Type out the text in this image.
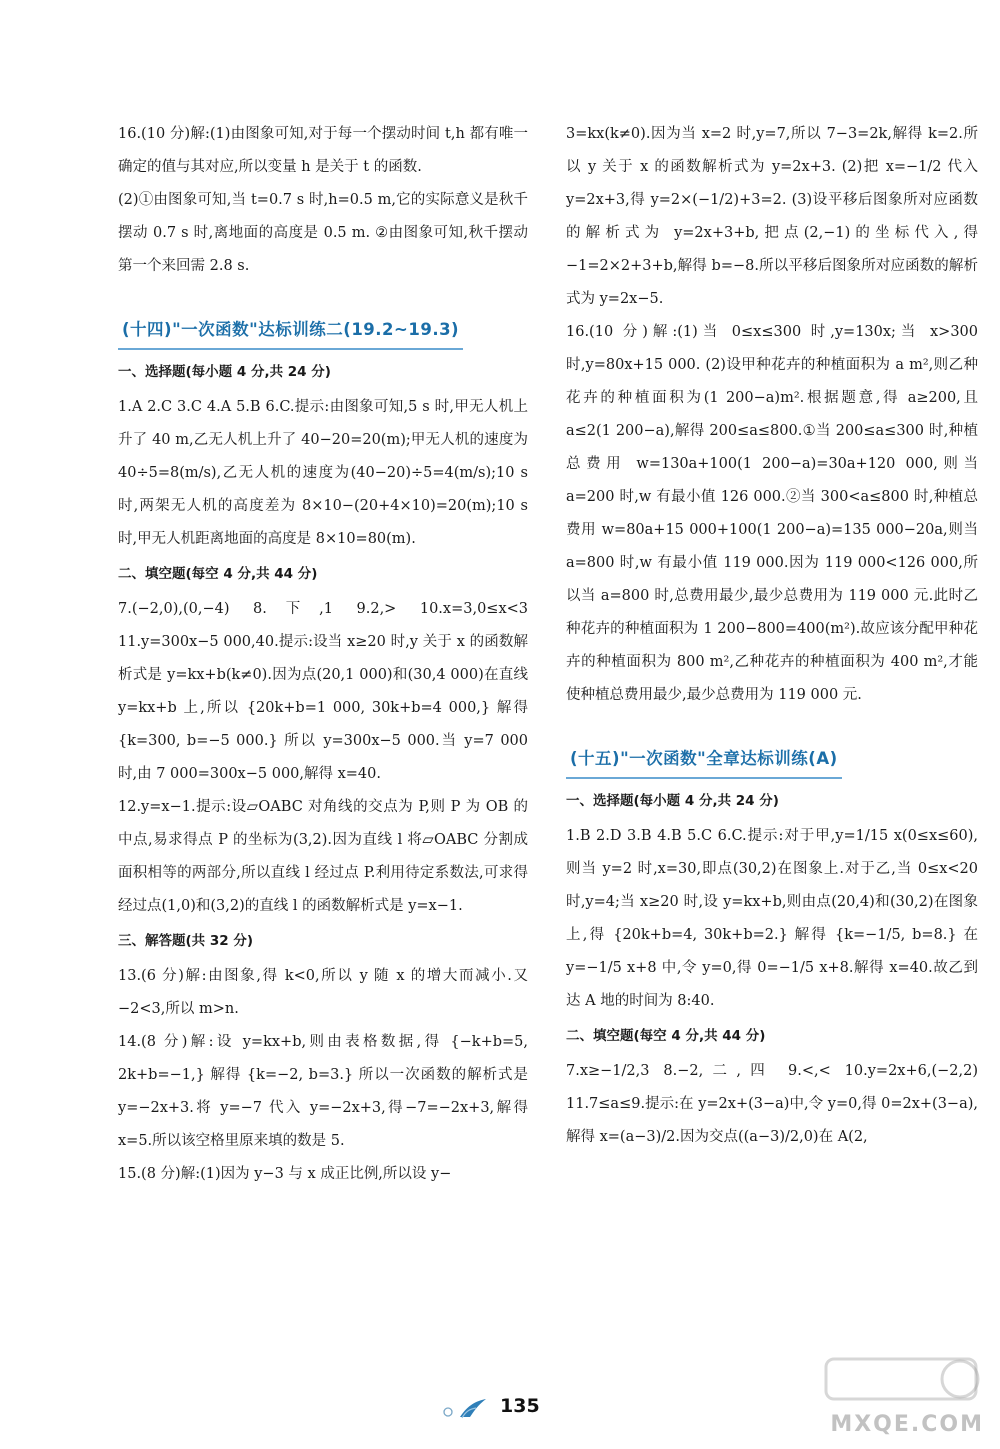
16.(10 分)解:(1)由图象可知,对于每一个摆动时间 t,h 都有唯一确定的值与其对应,所以变量 h 是关于 t 的函数.

(2)①由图象可知,当 t=0.7 s 时,h=0.5 m,它的实际意义是秋千摆动 0.7 s 时,离地面的高度是 0.5 m. ②由图象可知,秋千摆动第一个来回需 2.8 s.

(十四)"一次函数"达标训练二(19.2~19.3)

一、选择题(每小题 4 分,共 24 分)

1.A 2.C 3.C 4.A 5.B 6.C.提示:由图象可知,5 s 时,甲无人机上升了 40 m,乙无人机上升了 40−20=20(m);甲无人机的速度为 40÷5=8(m/s),乙无人机的速度为(40−20)÷5=4(m/s);10 s 时,两架无人机的高度差为 8×10−(20+4×10)=20(m);10 s 时,甲无人机距离地面的高度是 8×10=80(m).

二、填空题(每空 4 分,共 44 分)

7.(−2,0),(0,−4) 8.下,1 9.2,> 10.x=3,0≤x<3 11.y=300x−5 000,40.提示:设当 x≥20 时,y 关于 x 的函数解析式是 y=kx+b(k≠0).因为点(20,1 000)和(30,4 000)在直线 y=kx+b 上,所以 {20k+b=1 000, 30k+b=4 000,} 解得 {k=300, b=−5 000.} 所以 y=300x−5 000.当 y=7 000 时,由 7 000=300x−5 000,解得 x=40.

12.y=x−1.提示:设▱OABC 对角线的交点为 P,则 P 为 OB 的中点,易求得点 P 的坐标为(3,2).因为直线 l 将▱OABC 分割成面积相等的两部分,所以直线 l 经过点 P.利用待定系数法,可求得经过点(1,0)和(3,2)的直线 l 的函数解析式是 y=x−1.

三、解答题(共 32 分)

13.(6 分)解:由图象,得 k<0,所以 y 随 x 的增大而减小.又−2<3,所以 m>n.

14.(8 分)解:设 y=kx+b,则由表格数据,得 {−k+b=5, 2k+b=−1,} 解得 {k=−2, b=3.} 所以一次函数的解析式是 y=−2x+3.将 y=−7 代入 y=−2x+3,得−7=−2x+3,解得 x=5.所以该空格里原来填的数是 5.

15.(8 分)解:(1)因为 y−3 与 x 成正比例,所以设 y−

3=kx(k≠0).因为当 x=2 时,y=7,所以 7−3=2k,解得 k=2.所以 y 关于 x 的函数解析式为 y=2x+3. (2)把 x=−1/2 代入 y=2x+3,得 y=2×(−1/2)+3=2. (3)设平移后图象所对应函数的解析式为 y=2x+3+b,把点(2,−1)的坐标代入,得−1=2×2+3+b,解得 b=−8.所以平移后图象所对应函数的解析式为 y=2x−5.

16.(10 分)解:(1)当 0≤x≤300 时,y=130x;当 x>300 时,y=80x+15 000. (2)设甲种花卉的种植面积为 a m²,则乙种花卉的种植面积为(1 200−a)m².根据题意,得 a≥200,且 a≤2(1 200−a),解得 200≤a≤800.①当 200≤a≤300 时,种植总费用 w=130a+100(1 200−a)=30a+120 000,则当 a=200 时,w 有最小值 126 000.②当 300<a≤800 时,种植总费用 w=80a+15 000+100(1 200−a)=135 000−20a,则当 a=800 时,w 有最小值 119 000.因为 119 000<126 000,所以当 a=800 时,总费用最少,最少总费用为 119 000 元.此时乙种花卉的种植面积为 1 200−800=400(m²).故应该分配甲种花卉的种植面积为 800 m²,乙种花卉的种植面积为 400 m²,才能使种植总费用最少,最少总费用为 119 000 元.

(十五)"一次函数"全章达标训练(A)

一、选择题(每小题 4 分,共 24 分)

1.B 2.D 3.B 4.B 5.C 6.C.提示:对于甲,y=1/15 x(0≤x≤60),则当 y=2 时,x=30,即点(30,2)在图象上.对于乙,当 0≤x<20 时,y=4;当 x≥20 时,设 y=kx+b,则由点(20,4)和(30,2)在图象上,得 {20k+b=4, 30k+b=2.} 解得 {k=−1/5, b=8.} 在 y=−1/5 x+8 中,令 y=0,得 0=−1/5 x+8.解得 x=40.故乙到达 A 地的时间为 8:40.

二、填空题(每空 4 分,共 44 分)

7.x≥−1/2,3 8.−2,二,四 9.<,< 10.y=2x+6,(−2,2) 11.7≤a≤9.提示:在 y=2x+(3−a)中,令 y=0,得 0=2x+(3−a),解得 x=(a−3)/2.因为交点((a−3)/2,0)在 A(2,

135
MXQE.COM
